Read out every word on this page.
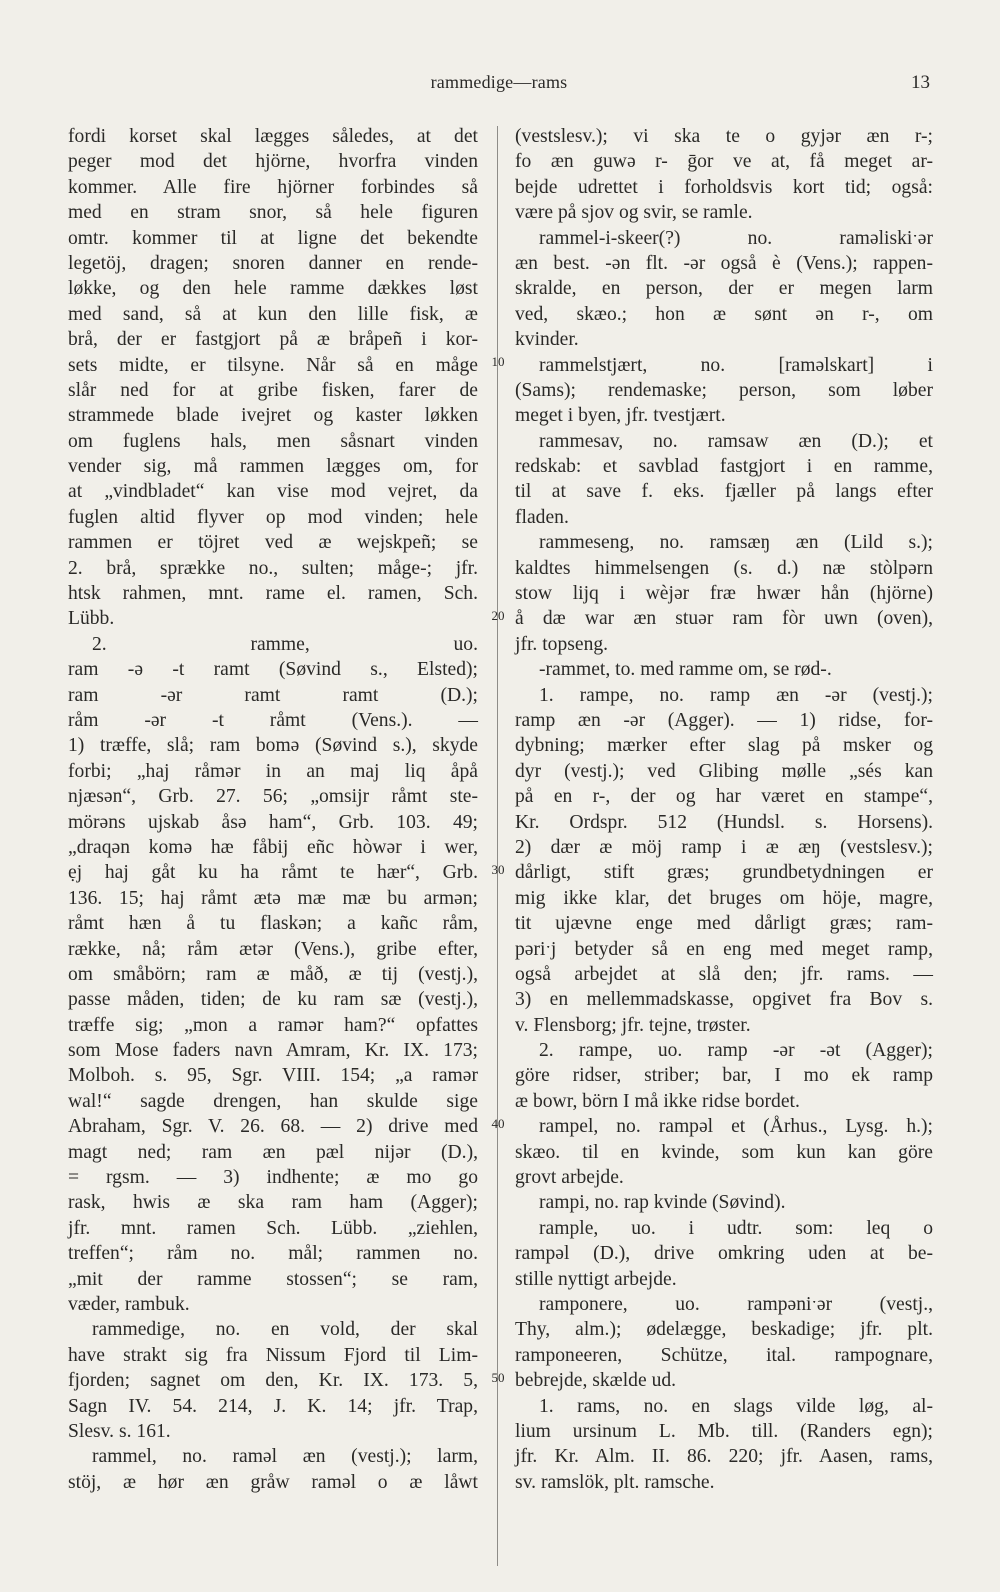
rammedige—rams	13
fordi korset skal lægges således, at det
peger mod det hjörne, hvorfra vinden
kommer. Alle fire hjörner forbindes så
med en stram snor, så hele figuren
omtr. kommer til at ligne det bekendte
legetöj, dragen; snoren danner en rende-
løkke, og den hele ramme dækkes løst
med sand, så at kun den lille fisk, æ
brå, der er fastgjort på æ bråpeñ i kor-
sets midte, er tilsyne. Når så en måge
slår ned for at gribe fisken, farer de
strammede blade ivejret og kaster løkken
om fuglens hals, men såsnart vinden
vender sig, må rammen lægges om, for
at „vindbladet“ kan vise mod vejret, da
fuglen altid flyver op mod vinden; hele
rammen er töjret ved æ wejskpeñ; se
2. brå, sprække no., sulten; måge-; jfr.
htsk rahmen, mnt. rame el. ramen, Sch.
Lübb.
2. ramme, uo.
ram -ə -t ramt (Søvind s., Elsted);
ram -ər ramt ramt (D.);
råm -ər -t råmt (Vens.). —
1) træffe, slå; ram bomə (Søvind s.), skyde
forbi; „haj råmər in an maj liq åpå
njæsən“, Grb. 27. 56; „omsijr råmt ste-
mörəns ujskab åsə ham“, Grb. 103. 49;
„draqən komə hæ fåbij eñc hòwər i wer,
ẹj haj gåt ku ha råmt te hær“, Grb.
136. 15; haj råmt ætə mæ mæ bu armən;
råmt hæn å tu flaskən; a kañc råm,
række, nå; råm ætər (Vens.), gribe efter,
om småbörn; ram æ måð, æ tij (vestj.),
passe måden, tiden; de ku ram sæ (vestj.),
træffe sig; „mon a ramər ham?“ opfattes
som Mose faders navn Amram, Kr. IX. 173;
Molboh. s. 95, Sgr. VIII. 154; „a ramər
wal!“ sagde drengen, han skulde sige
Abraham, Sgr. V. 26. 68. — 2) drive med
magt ned; ram æn pæl nijər (D.),
= rgsm. — 3) indhente; æ mo go
rask, hwis æ ska ram ham (Agger);
jfr. mnt. ramen Sch. Lübb. „ziehlen,
treffen“; råm no. mål; rammen no.
„mit der ramme stossen“; se ram,
væder, rambuk.
rammedige, no. en vold, der skal
have strakt sig fra Nissum Fjord til Lim-
fjorden; sagnet om den, Kr. IX. 173. 5,
Sagn IV. 54. 214, J. K. 14; jfr. Trap,
Slesv. s. 161.
rammel, no. raməl æn (vestj.); larm,
stöj, æ hør æn gråw raməl o æ låwt
(vestslesv.); vi ska te o gyjər æn r-;
fo æn guwə r- ḡor ve at, få meget ar-
bejde udrettet i forholdsvis kort tid; også:
være på sjov og svir, se ramle.
rammel-i-skeer(?) no. raməliskiˑər
æn best. -ən flt. -ər også è (Vens.); rappen-
skralde, en person, der er megen larm
ved, skæo.; hon æ sønt ən r-, om
kvinder.
rammelstjært, no. [raməlskart] i
(Sams); rendemaske; person, som løber
meget i byen, jfr. tvestjært.
rammesav, no. ramsaw æn (D.); et
redskab: et savblad fastgjort i en ramme,
til at save f. eks. fjæller på langs efter
fladen.
rammeseng, no. ramsæŋ æn (Lild s.);
kaldtes himmelsengen (s. d.) næ stòlpərn
stow lijq i wèjər fræ hwær hån (hjörne)
å dæ war æn stuər ram fòr uwn (oven),
jfr. topseng.
-rammet, to. med ramme om, se rød-.
1. rampe, no. ramp æn -ər (vestj.);
ramp æn -ər (Agger). — 1) ridse, for-
dybning; mærker efter slag på msker og
dyr (vestj.); ved Glibing mølle „sés kan
på en r-, der og har været en stampe“,
Kr. Ordspr. 512 (Hundsl. s. Horsens).
2) dær æ möj ramp i æ æŋ (vestslesv.);
dårligt, stift græs; grundbetydningen er
mig ikke klar, det bruges om höje, magre,
tit ujævne enge med dårligt græs; ram-
pəriˑj betyder så en eng med meget ramp,
også arbejdet at slå den; jfr. rams. —
3) en mellemmadskasse, opgivet fra Bov s.
v. Flensborg; jfr. tejne, trøster.
2. rampe, uo. ramp -ər -ət (Agger);
göre ridser, striber; bar, I mo ek ramp
æ bowr, börn I må ikke ridse bordet.
rampel, no. rampəl et (Århus., Lysg. h.);
skæo. til en kvinde, som kun kan göre
grovt arbejde.
rampi, no. rap kvinde (Søvind).
rample, uo. i udtr. som: leq o
rampəl (D.), drive omkring uden at be-
stille nyttigt arbejde.
ramponere, uo. rampəniˑər (vestj.,
Thy, alm.); ødelægge, beskadige; jfr. plt.
ramponeeren, Schütze, ital. rampognare,
bebrejde, skælde ud.
1. rams, no. en slags vilde løg, al-
lium ursinum L. Mb. till. (Randers egn);
jfr. Kr. Alm. II. 86. 220; jfr. Aasen, rams,
sv. ramslök, plt. ramsche.
10
20
30
40
50
